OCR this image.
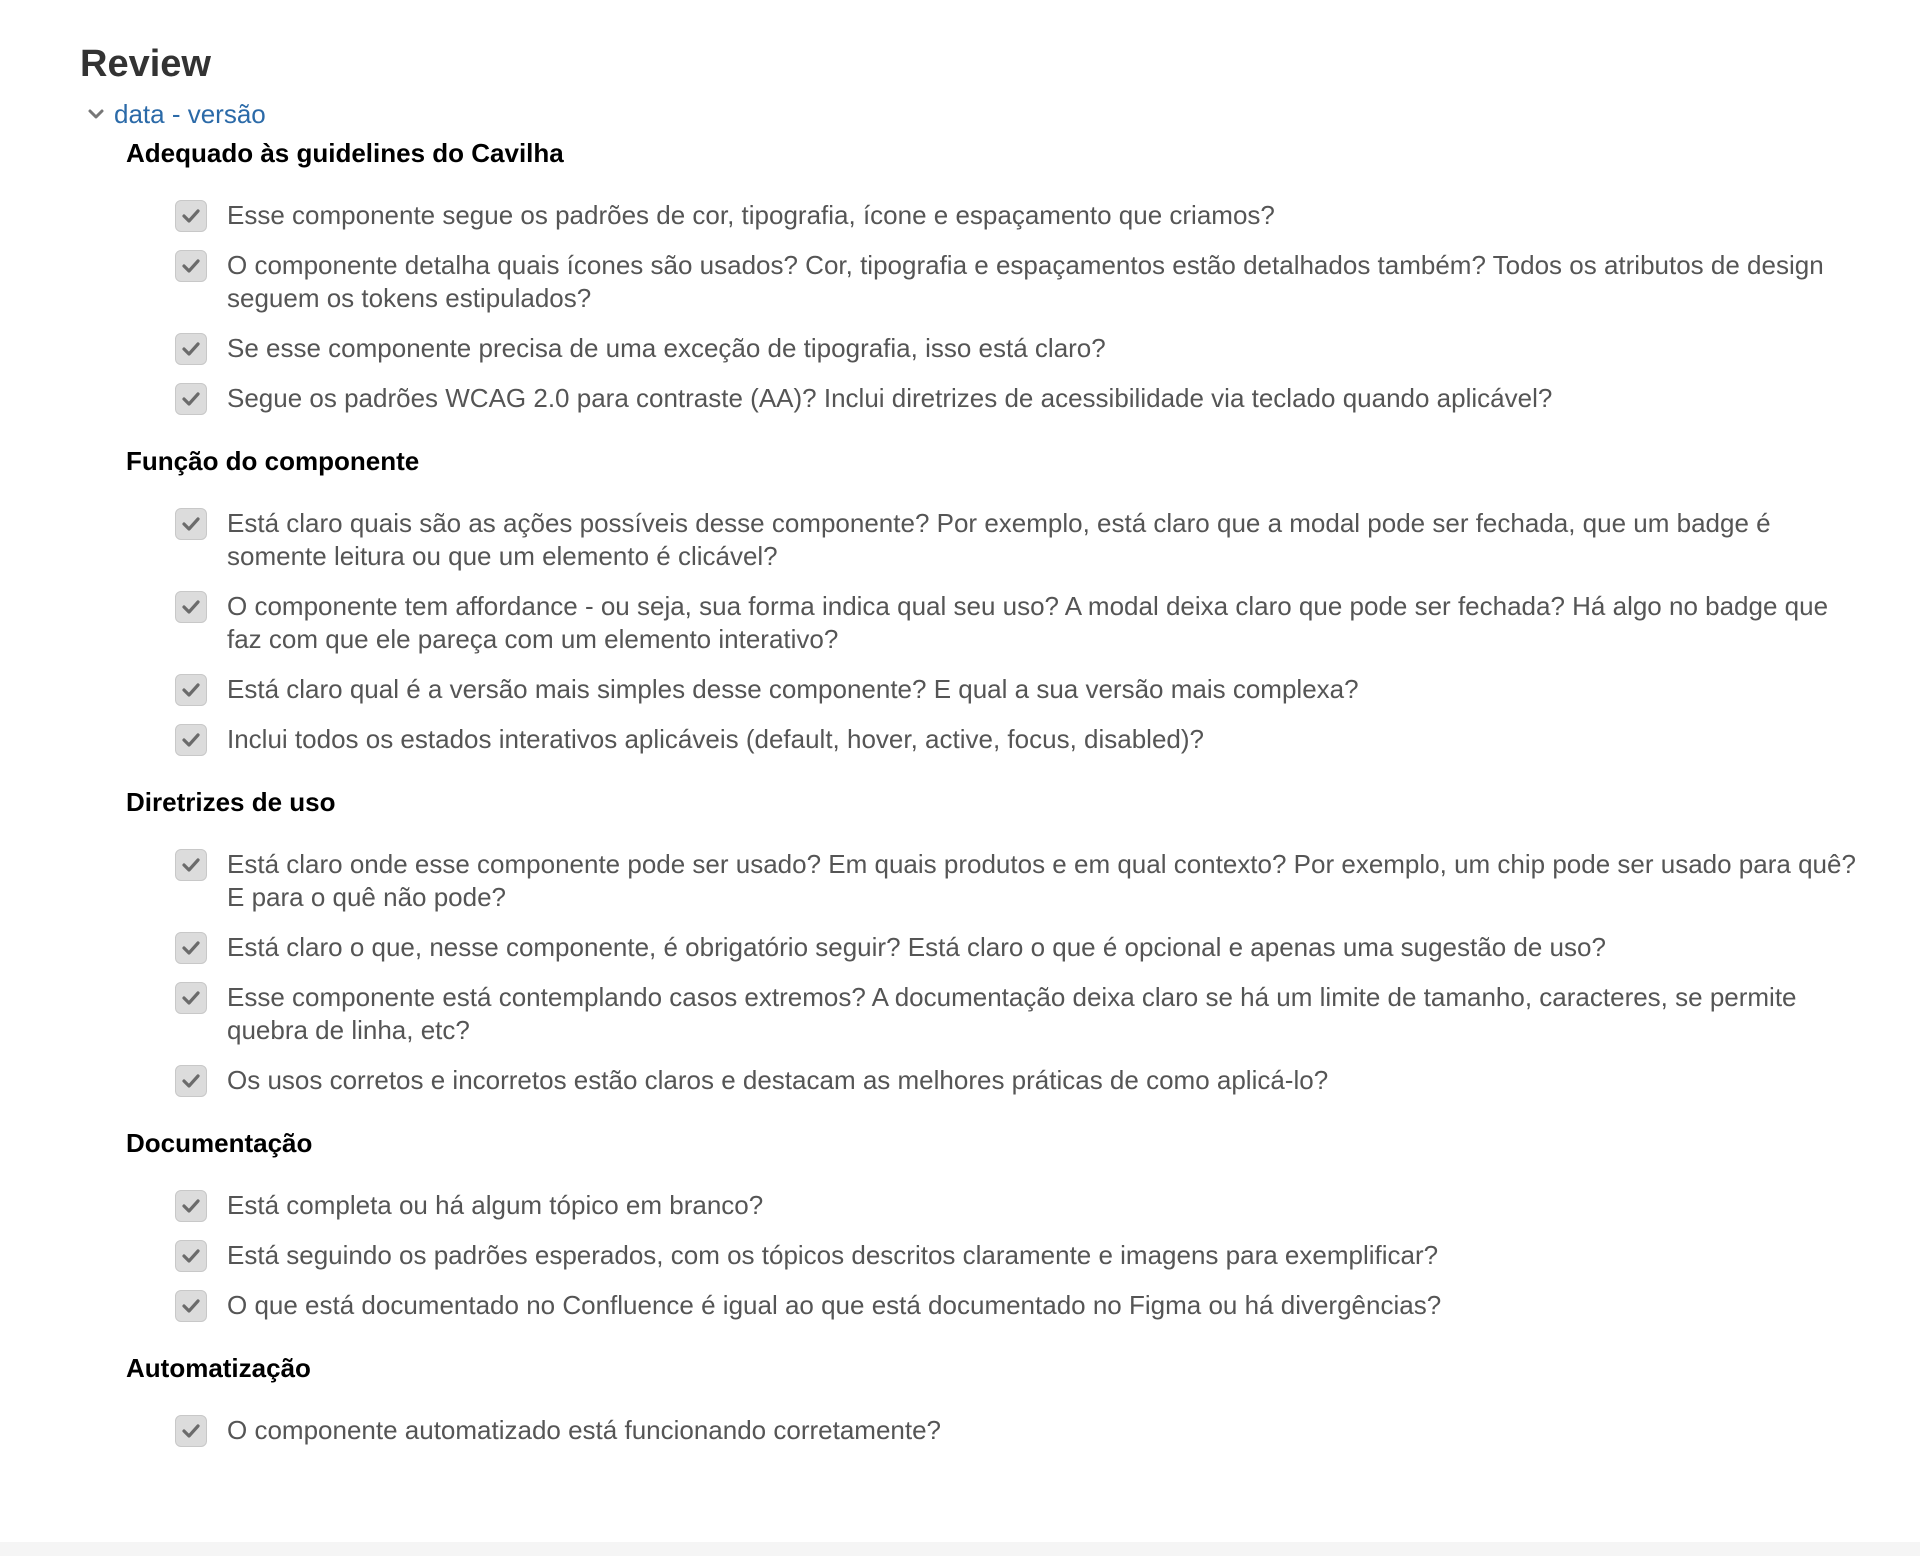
Review
data - versão
Adequado às guidelines do Cavilha
Esse componente segue os padrões de cor, tipografia, ícone e espaçamento que criamos?
O componente detalha quais ícones são usados? Cor, tipografia e espaçamentos estão detalhados também? Todos os atributos de design seguem os tokens estipulados?
Se esse componente precisa de uma exceção de tipografia, isso está claro?
Segue os padrões WCAG 2.0 para contraste (AA)? Inclui diretrizes de acessibilidade via teclado quando aplicável?
Função do componente
Está claro quais são as ações possíveis desse componente? Por exemplo, está claro que a modal pode ser fechada, que um badge é somente leitura ou que um elemento é clicável?
O componente tem affordance - ou seja, sua forma indica qual seu uso? A modal deixa claro que pode ser fechada? Há algo no badge que faz com que ele pareça com um elemento interativo?
Está claro qual é a versão mais simples desse componente? E qual a sua versão mais complexa?
Inclui todos os estados interativos aplicáveis (default, hover, active, focus, disabled)?
Diretrizes de uso
Está claro onde esse componente pode ser usado? Em quais produtos e em qual contexto? Por exemplo, um chip pode ser usado para quê? E para o quê não pode?
Está claro o que, nesse componente, é obrigatório seguir? Está claro o que é opcional e apenas uma sugestão de uso?
Esse componente está contemplando casos extremos? A documentação deixa claro se há um limite de tamanho, caracteres, se permite quebra de linha, etc?
Os usos corretos e incorretos estão claros e destacam as melhores práticas de como aplicá-lo?
Documentação
Está completa ou há algum tópico em branco?
Está seguindo os padrões esperados, com os tópicos descritos claramente e imagens para exemplificar?
O que está documentado no Confluence é igual ao que está documentado no Figma ou há divergências?
Automatização
O componente automatizado está funcionando corretamente?
